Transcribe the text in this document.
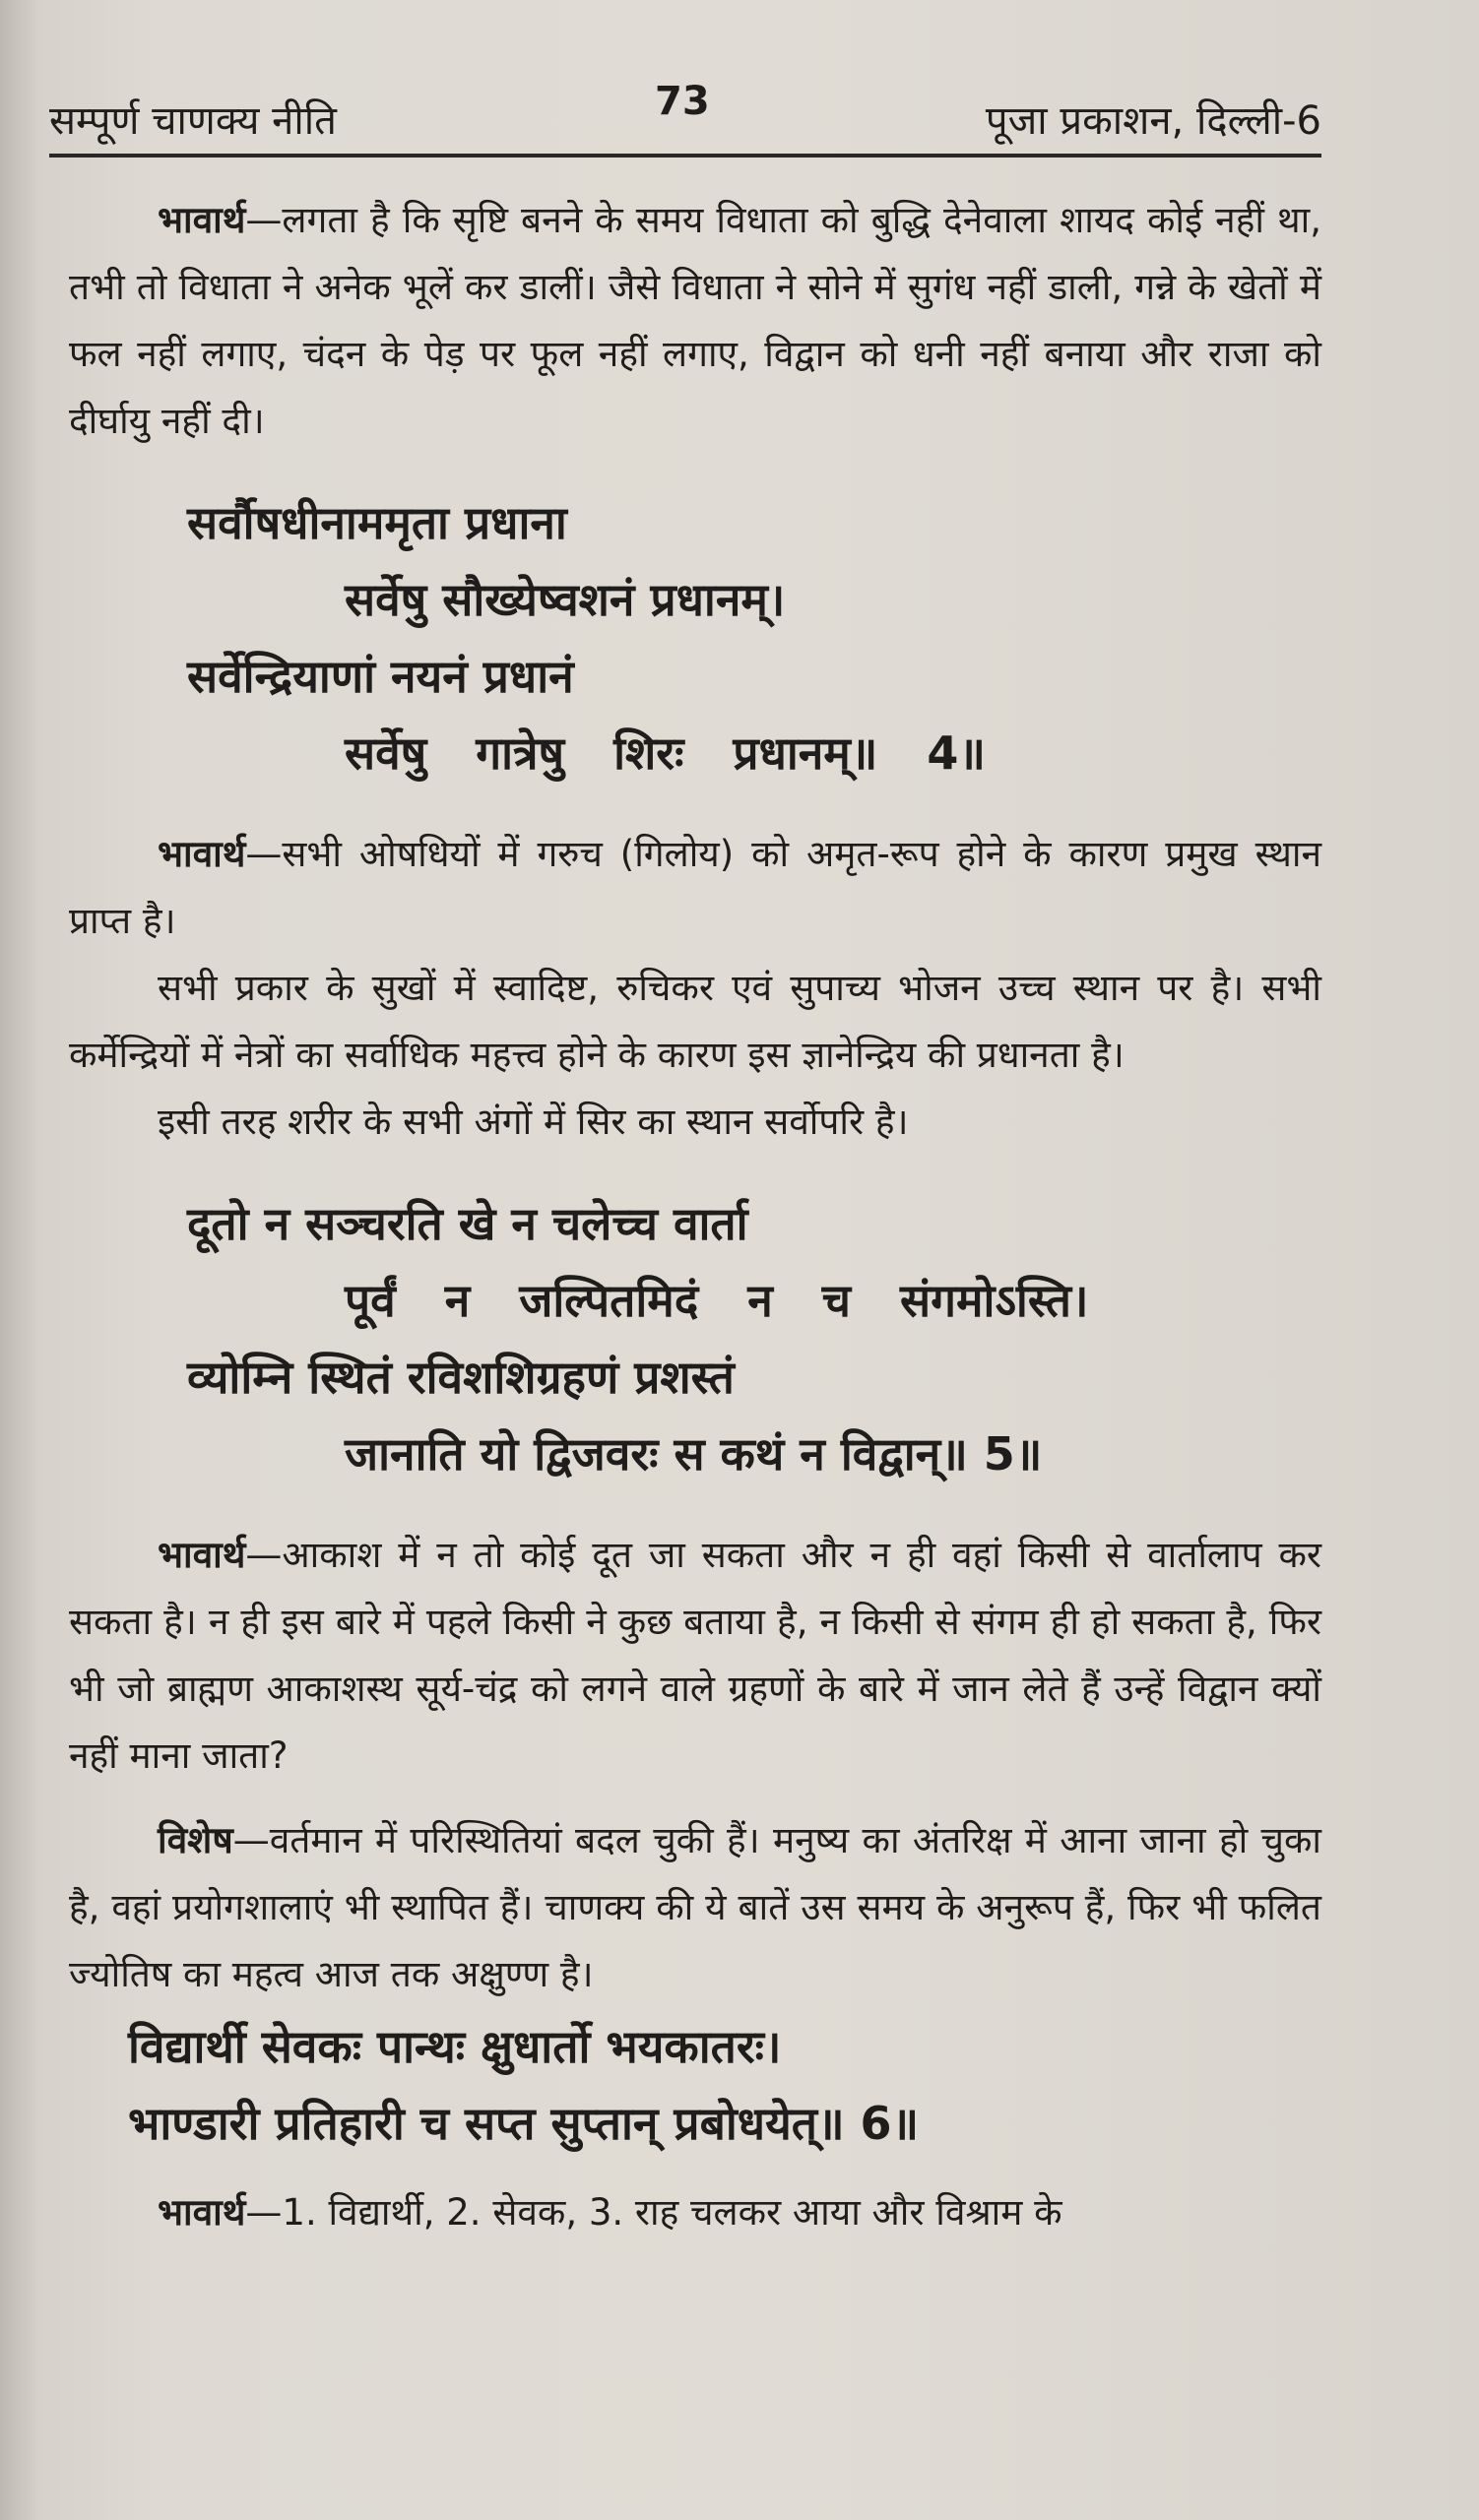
सम्पूर्ण चाणक्य नीति	73	पूजा प्रकाशन, दिल्ली-6

भावार्थ—लगता है कि सृष्टि बनने के समय विधाता को बुद्धि देनेवाला शायद कोई नहीं था, तभी तो विधाता ने अनेक भूलें कर डालीं। जैसे विधाता ने सोने में सुगंध नहीं डाली, गन्ने के खेतों में फल नहीं लगाए, चंदन के पेड़ पर फूल नहीं लगाए, विद्वान को धनी नहीं बनाया और राजा को दीर्घायु नहीं दी।

सर्वौषधीनाममृता प्रधाना
सर्वेषु सौख्येष्वशनं प्रधानम्।
सर्वेन्द्रियाणां नयनं प्रधानं
सर्वेषु गात्रेषु शिरः प्रधानम्॥ 4॥

भावार्थ—सभी ओषधियों में गरुच (गिलोय) को अमृत-रूप होने के कारण प्रमुख स्थान प्राप्त है।

सभी प्रकार के सुखों में स्वादिष्ट, रुचिकर एवं सुपाच्य भोजन उच्च स्थान पर है। सभी कर्मेन्द्रियों में नेत्रों का सर्वाधिक महत्त्व होने के कारण इस ज्ञानेन्द्रिय की प्रधानता है।

इसी तरह शरीर के सभी अंगों में सिर का स्थान सर्वोपरि है।

दूतो न सञ्चरति खे न चलेच्च वार्ता
पूर्वं न जल्पितमिदं न च संगमोऽस्ति।
व्योम्नि स्थितं रविशशिग्रहणं प्रशस्तं
जानाति यो द्विजवरः स कथं न विद्वान्॥ 5॥

भावार्थ—आकाश में न तो कोई दूत जा सकता और न ही वहां किसी से वार्तालाप कर सकता है। न ही इस बारे में पहले किसी ने कुछ बताया है, न किसी से संगम ही हो सकता है, फिर भी जो ब्राह्मण आकाशस्थ सूर्य-चंद्र को लगने वाले ग्रहणों के बारे में जान लेते हैं उन्हें विद्वान क्यों नहीं माना जाता?

विशेष—वर्तमान में परिस्थितियां बदल चुकी हैं। मनुष्य का अंतरिक्ष में आना जाना हो चुका है, वहां प्रयोगशालाएं भी स्थापित हैं। चाणक्य की ये बातें उस समय के अनुरूप हैं, फिर भी फलित ज्योतिष का महत्व आज तक अक्षुण्ण है।

विद्यार्थी सेवकः पान्थः क्षुधार्तो भयकातरः।
भाण्डारी प्रतिहारी च सप्त सुप्तान् प्रबोधयेत्॥ 6॥

भावार्थ—1. विद्यार्थी, 2. सेवक, 3. राह चलकर आया और विश्राम के
